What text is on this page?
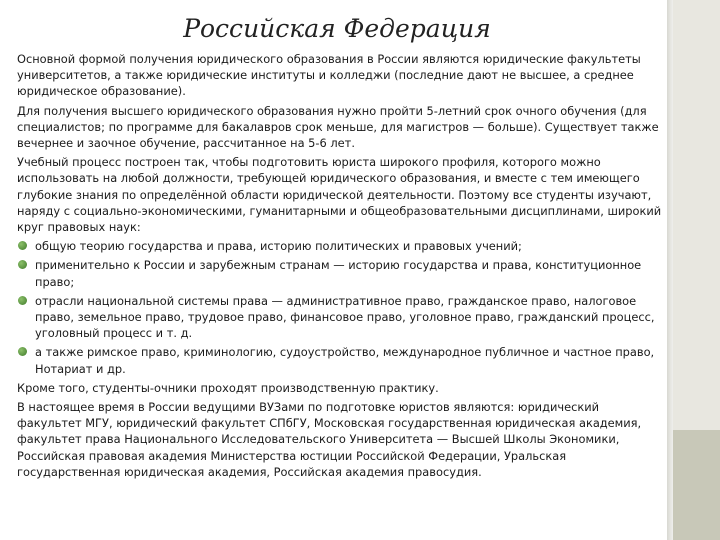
Российская Федерация

Основной формой получения юридического образования в России являются юридические факультеты университетов, а также юридические институты и колледжи (последние дают не высшее, а среднее юридическое образование).

Для получения высшего юридического образования нужно пройти 5-летний срок очного обучения (для специалистов; по программе для бакалавров срок меньше, для магистров — больше). Существует также вечернее и заочное обучение, рассчитанное на 5-6 лет.

Учебный процесс построен так, чтобы подготовить юриста широкого профиля, которого можно использовать на любой должности, требующей юридического образования, и вместе с тем имеющего глубокие знания по определённой области юридической деятельности. Поэтому все студенты изучают, наряду с социально-экономическими, гуманитарными и общеобразовательными дисциплинами, широкий круг правовых наук:

общую теорию государства и права, историю политических и правовых учений;
применительно к России и зарубежным странам — историю государства и права, конституционное право;
отрасли национальной системы права — административное право, гражданское право, налоговое право, земельное право, трудовое право, финансовое право, уголовное право, гражданский процесс, уголовный процесс и т. д.
а также римское право, криминологию, судоустройство, международное публичное и частное право, Нотариат и др.

Кроме того, студенты-очники проходят производственную практику.

В настоящее время в России ведущими ВУЗами по подготовке юристов являются: юридический факультет МГУ, юридический факультет СПбГУ, Московская государственная юридическая академия, факультет права Национального Исследовательского Университета — Высшей Школы Экономики, Российская правовая академия Министерства юстиции Российской Федерации, Уральская государственная юридическая академия, Российская академия правосудия.
